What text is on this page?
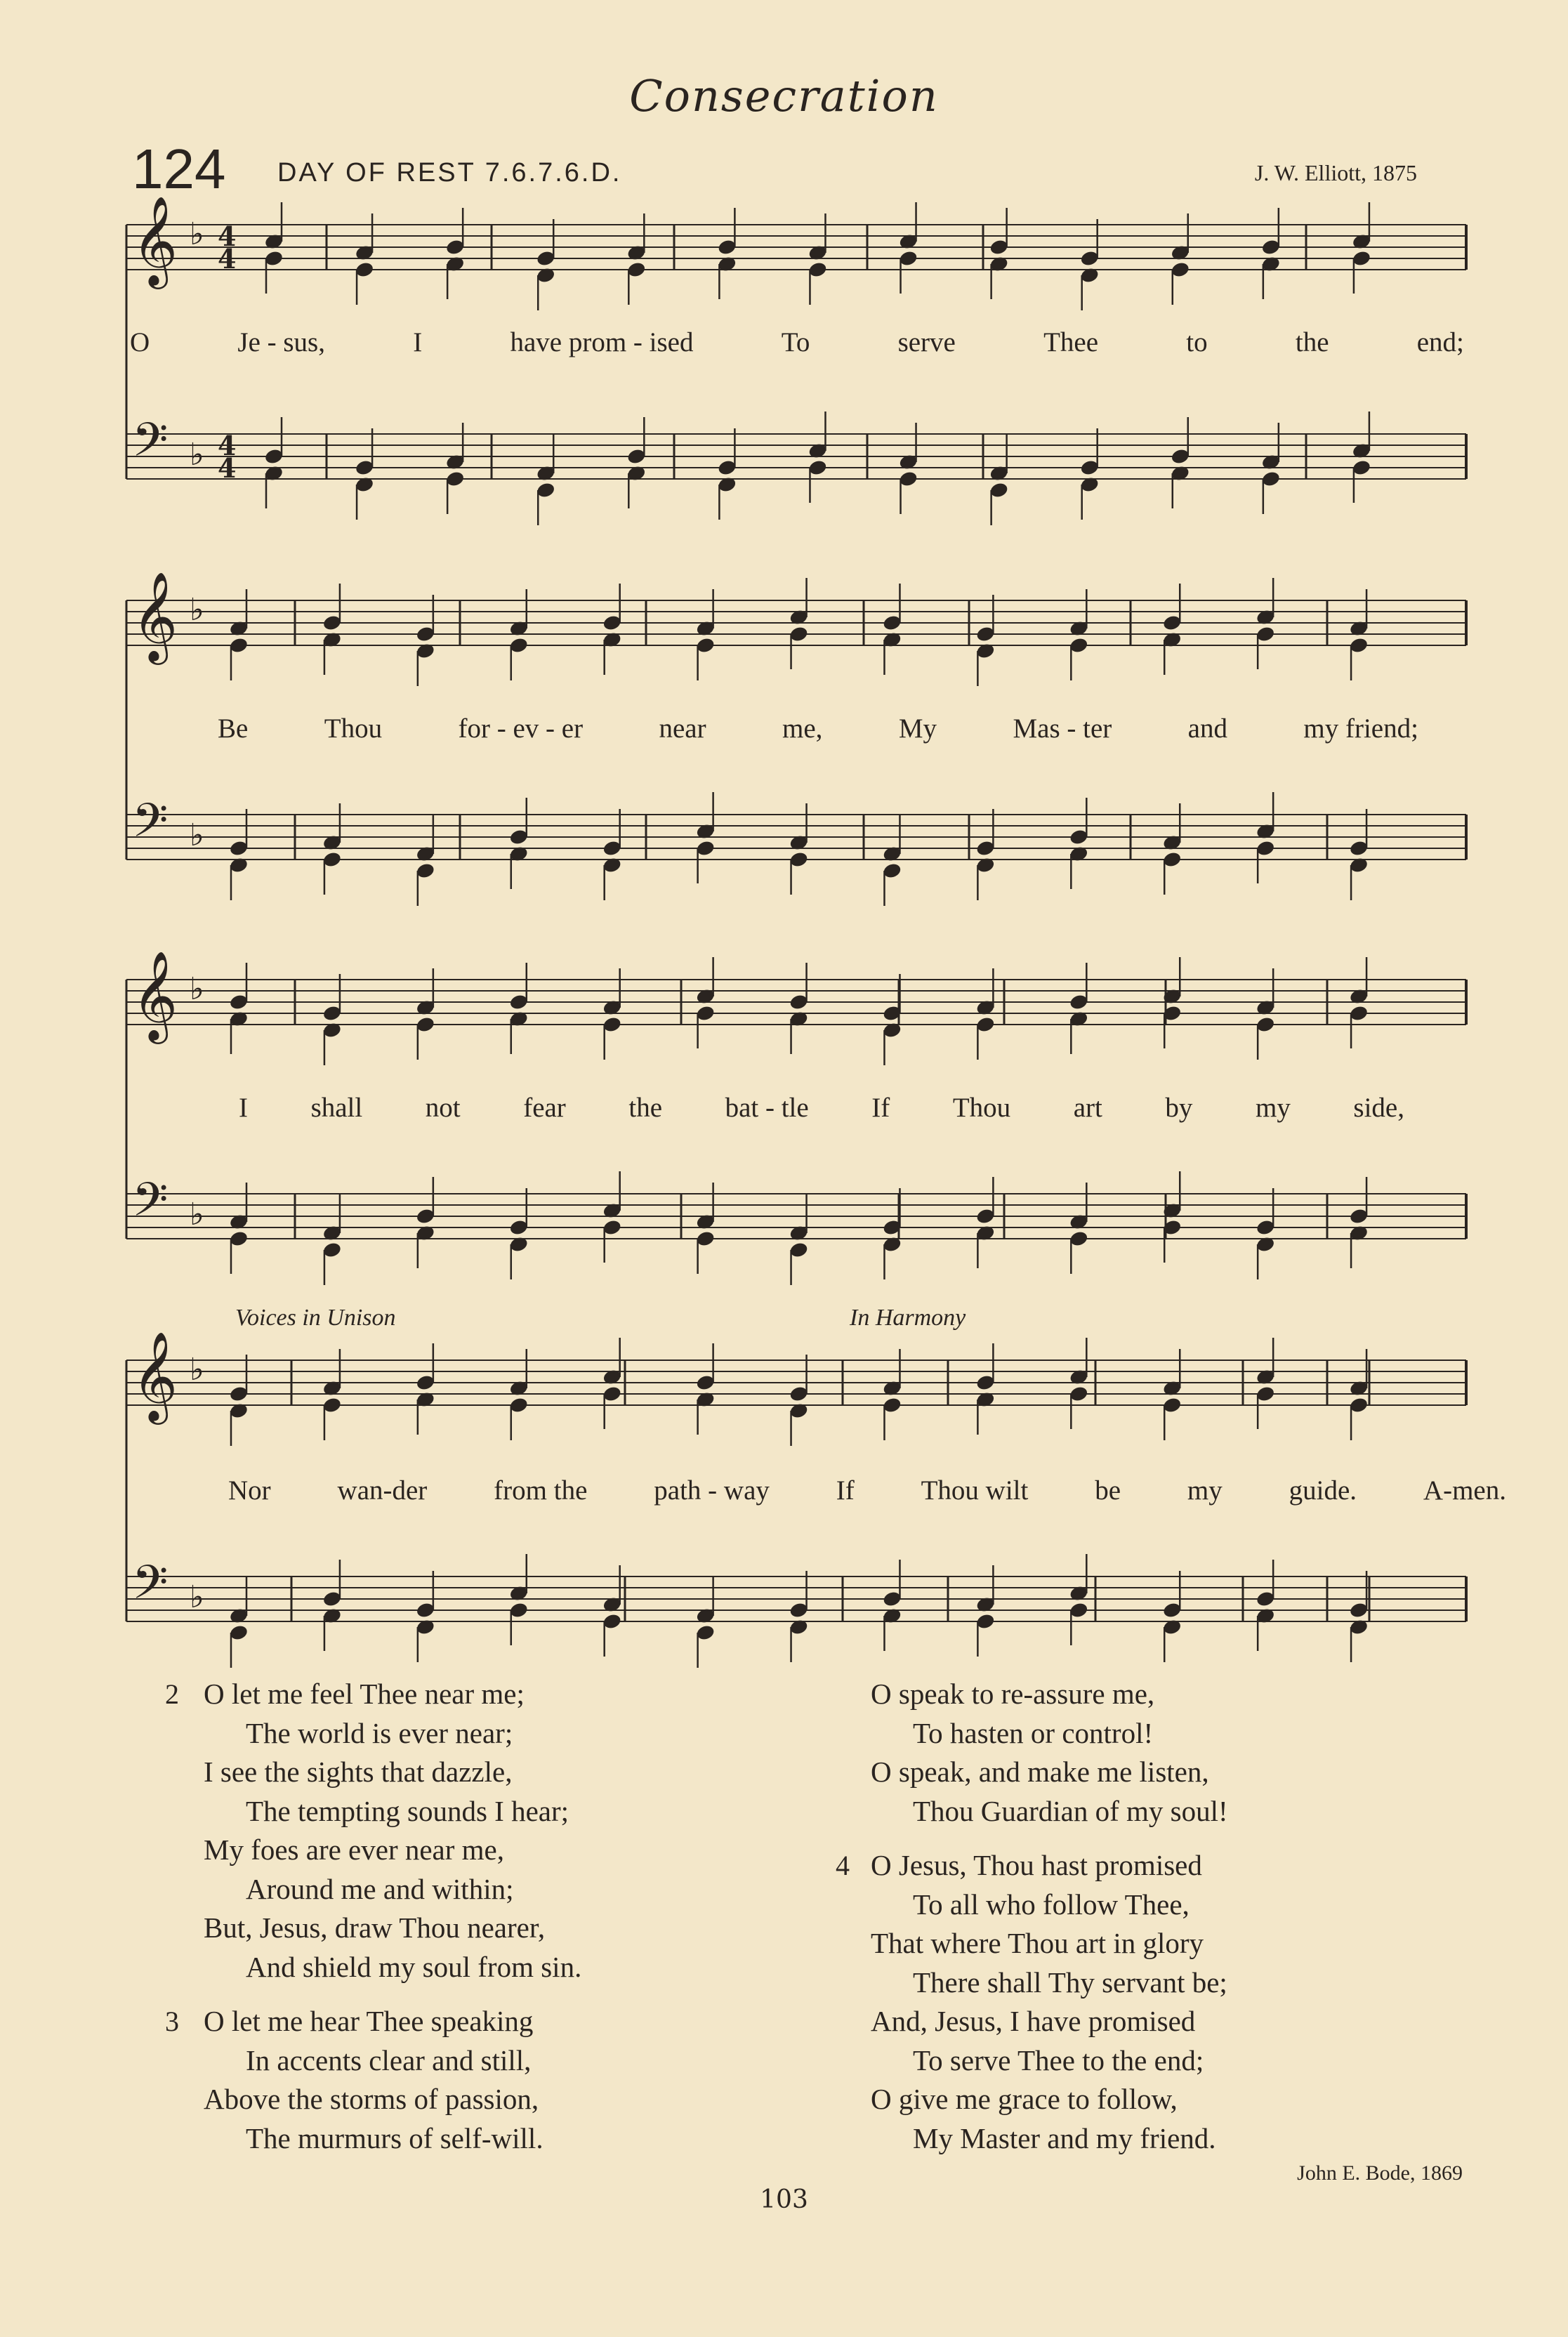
Consecration
124 DAY OF REST 7.6.7.6.D.	J. W. Elliott, 1875
𝄞 ♭
𝄢 ♭
𝄞 ♭
𝄢 ♭
𝄞 ♭
𝄢 ♭
𝄞 ♭
𝄢 ♭
4
4
4
4
Voices in Unison	In Harmony
O	Je - sus,	I	have prom - ised	To	serve	Thee	to	the	end;
Be	Thou	for - ev - er	near	me,	My	Mas - ter	and	my friend;
I shall not fear the bat - tle If Thou art by my side,
Nor wan-der from the path - way If Thou wilt be my guide. A-men.
2 O let me feel Thee near me;
The world is ever near;
I see the sights that dazzle,
The tempting sounds I hear;
My foes are ever near me,
Around me and within;
But, Jesus, draw Thou nearer,
And shield my soul from sin.
3 O let me hear Thee speaking
In accents clear and still,
Above the storms of passion,
The murmurs of self-will.
O speak to re-assure me,
To hasten or control!
O speak, and make me listen,
Thou Guardian of my soul!
4 O Jesus, Thou hast promised
To all who follow Thee,
That where Thou art in glory
There shall Thy servant be;
And, Jesus, I have promised
To serve Thee to the end;
O give me grace to follow,
My Master and my friend.
John E. Bode, 1869
103
